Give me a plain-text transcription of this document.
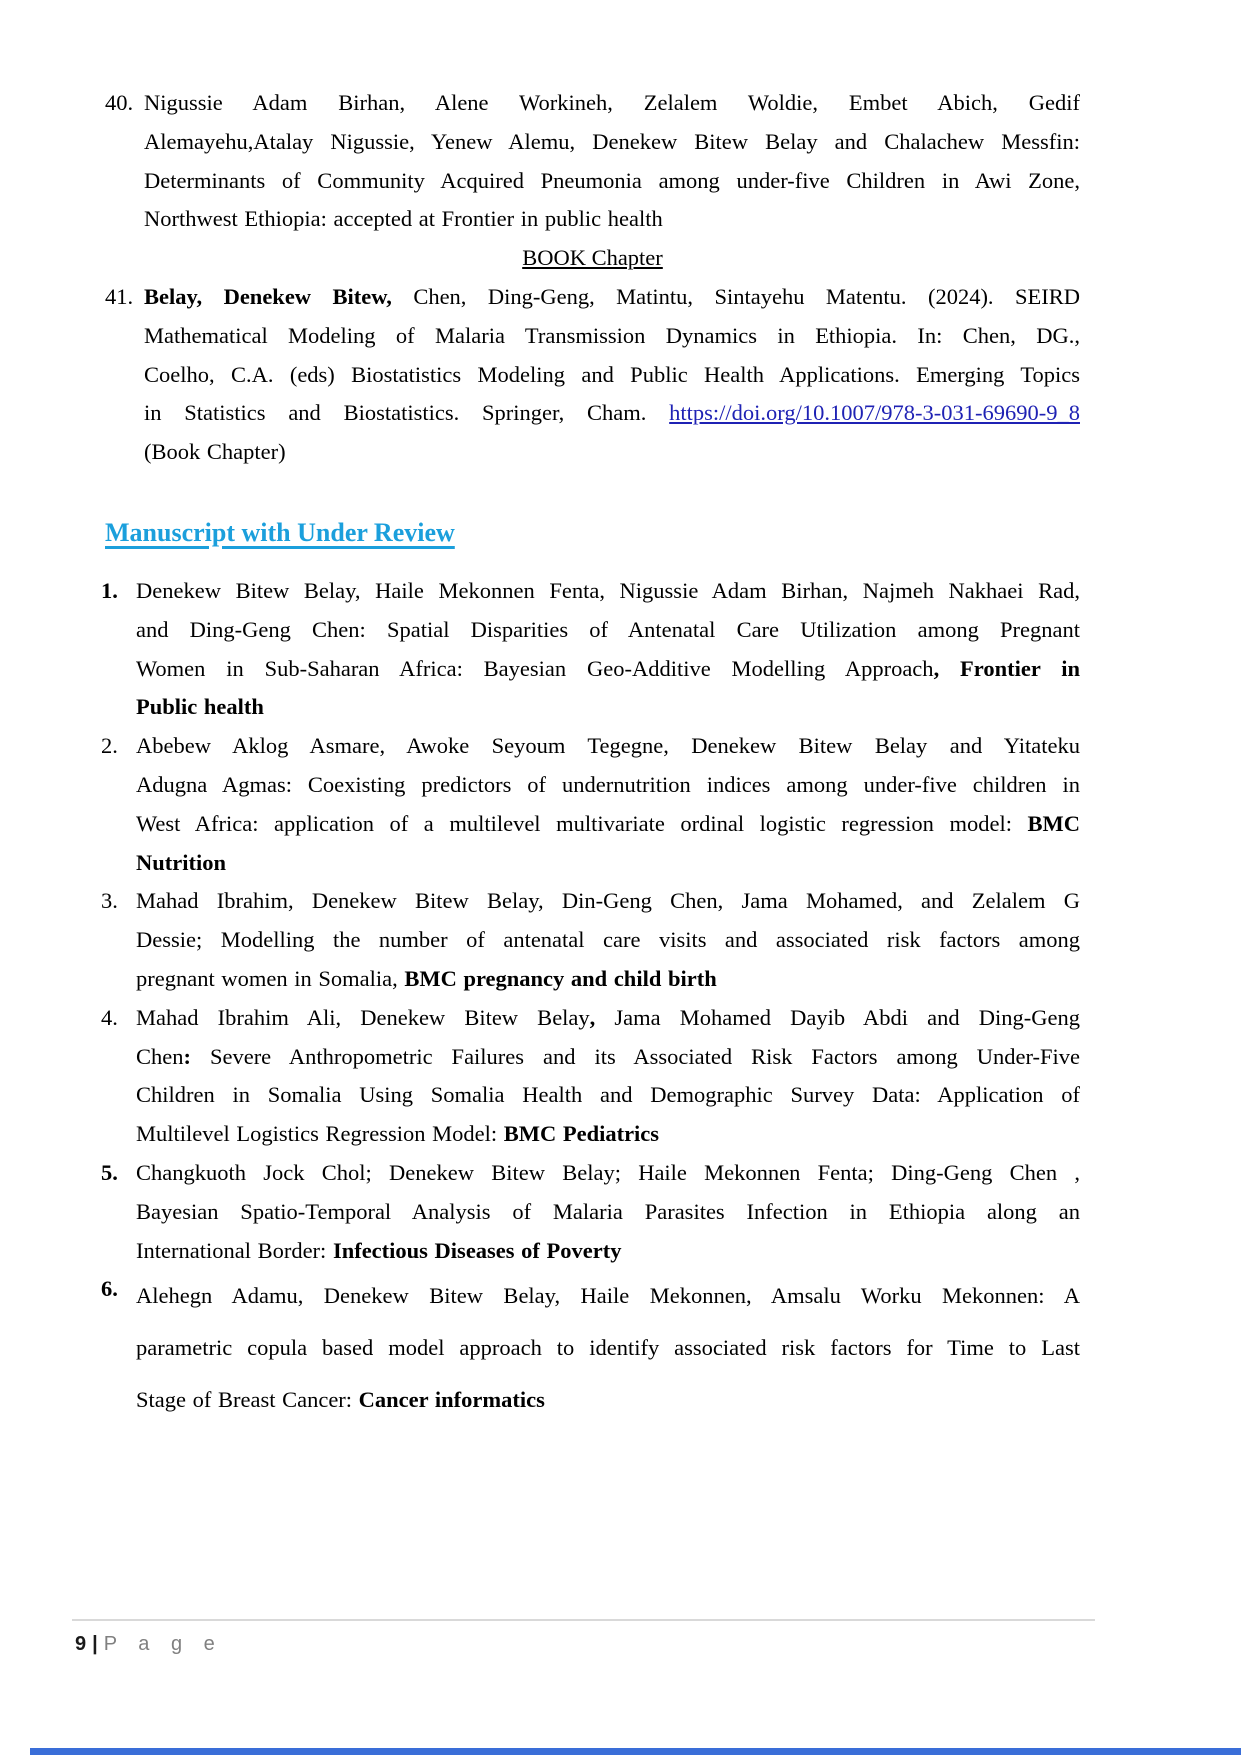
40. Nigussie Adam Birhan, Alene Workineh, Zelalem Woldie, Embet Abich, Gedif
Alemayehu,Atalay Nigussie, Yenew Alemu, Denekew Bitew Belay and Chalachew Messfin:
Determinants of Community Acquired Pneumonia among under-five Children in Awi Zone,
Northwest Ethiopia: accepted at Frontier in public health
BOOK Chapter
41. Belay, Denekew Bitew, Chen, Ding-Geng, Matintu, Sintayehu Matentu. (2024). SEIRD
Mathematical Modeling of Malaria Transmission Dynamics in Ethiopia. In: Chen, DG.,
Coelho, C.A. (eds) Biostatistics Modeling and Public Health Applications. Emerging Topics
in Statistics and Biostatistics. Springer, Cham. https://doi.org/10.1007/978-3-031-69690-9_8
(Book Chapter)
Manuscript with Under Review
1. Denekew Bitew Belay, Haile Mekonnen Fenta, Nigussie Adam Birhan, Najmeh Nakhaei Rad,
and Ding-Geng Chen: Spatial Disparities of Antenatal Care Utilization among Pregnant
Women in Sub-Saharan Africa: Bayesian Geo-Additive Modelling Approach, Frontier in
Public health
2. Abebew Aklog Asmare, Awoke Seyoum Tegegne, Denekew Bitew Belay and Yitateku
Adugna Agmas: Coexisting predictors of undernutrition indices among under-five children in
West Africa: application of a multilevel multivariate ordinal logistic regression model: BMC
Nutrition
3. Mahad Ibrahim, Denekew Bitew Belay, Din-Geng Chen, Jama Mohamed, and Zelalem G
Dessie; Modelling the number of antenatal care visits and associated risk factors among
pregnant women in Somalia, BMC pregnancy and child birth
4. Mahad Ibrahim Ali, Denekew Bitew Belay, Jama Mohamed Dayib Abdi and Ding-Geng
Chen: Severe Anthropometric Failures and its Associated Risk Factors among Under-Five
Children in Somalia Using Somalia Health and Demographic Survey Data: Application of
Multilevel Logistics Regression Model: BMC Pediatrics
5. Changkuoth Jock Chol; Denekew Bitew Belay; Haile Mekonnen Fenta; Ding-Geng Chen ,
Bayesian Spatio-Temporal Analysis of Malaria Parasites Infection in Ethiopia along an
International Border: Infectious Diseases of Poverty
6. Alehegn Adamu, Denekew Bitew Belay, Haile Mekonnen, Amsalu Worku Mekonnen: A
parametric copula based model approach to identify associated risk factors for Time to Last
Stage of Breast Cancer: Cancer informatics
9 | P a g e
